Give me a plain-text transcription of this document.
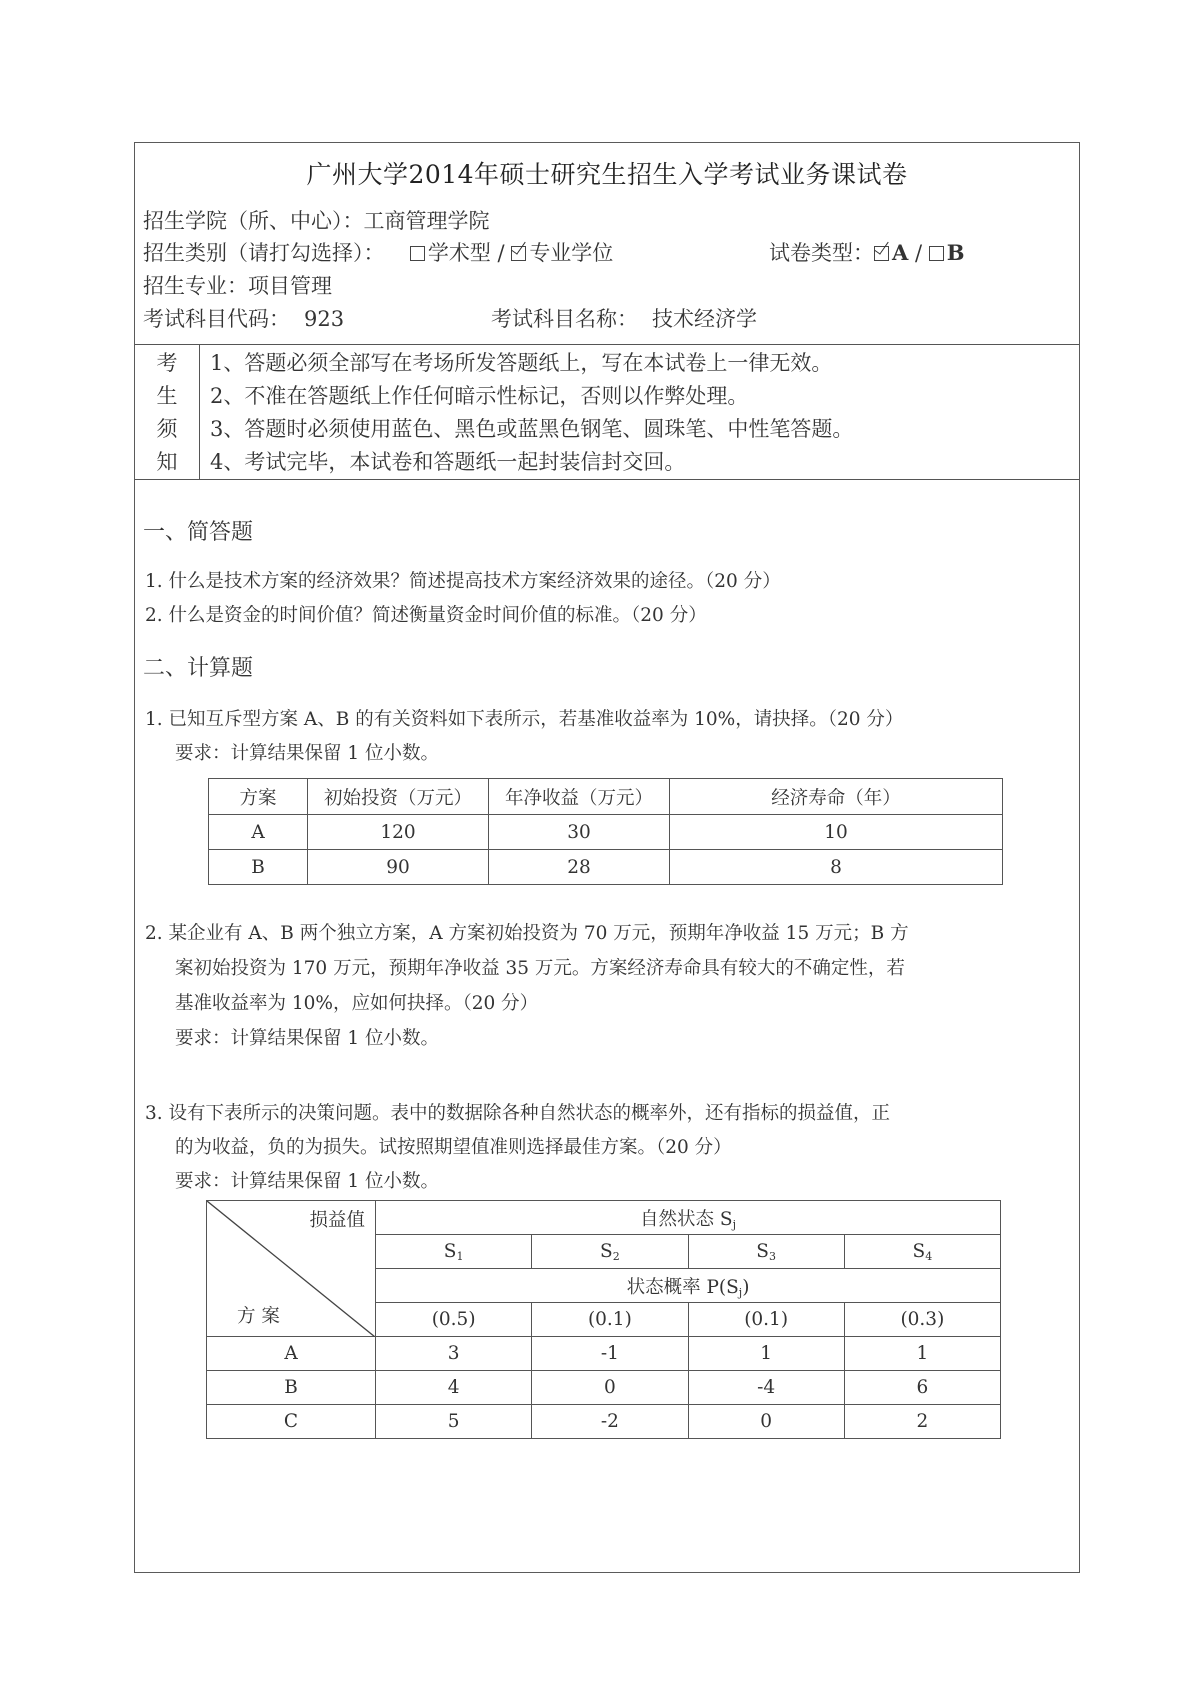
广州大学2014年硕士研究生招生入学考试业务课试卷
招生学院（所、中心）：工商管理学院
招生类别（请打勾选择）： 学术型 / 专业学位	试卷类型： A / B
招生专业：项目管理
考试科目代码： 923	考试科目名称： 技术经济学
考
生
须
知
1、答题必须全部写在考场所发答题纸上，写在本试卷上一律无效。
2、不准在答题纸上作任何暗示性标记，否则以作弊处理。
3、答题时必须使用蓝色、黑色或蓝黑色钢笔、圆珠笔、中性笔答题。
4、考试完毕，本试卷和答题纸一起封装信封交回。
一、简答题
1. 什么是技术方案的经济效果？简述提高技术方案经济效果的途径。（20 分）
2. 什么是资金的时间价值？简述衡量资金时间价值的标准。（20 分）
二、计算题
1. 已知互斥型方案 A、B 的有关资料如下表所示，若基准收益率为 10%，请抉择。（20 分）
要求：计算结果保留 1 位小数。
方案	初始投资（万元）	年净收益（万元）	经济寿命（年）
A	120	30	10
B	90	28	8
2. 某企业有 A、B 两个独立方案，A 方案初始投资为 70 万元，预期年净收益 15 万元；B 方
案初始投资为 170 万元，预期年净收益 35 万元。方案经济寿命具有较大的不确定性，若
基准收益率为 10%，应如何抉择。（20 分）
要求：计算结果保留 1 位小数。
3. 设有下表所示的决策问题。表中的数据除各种自然状态的概率外，还有指标的损益值，正
的为收益，负的为损失。试按照期望值准则选择最佳方案。（20 分）
要求：计算结果保留 1 位小数。
损益值
方 案	自然状态 $S_j$
	$S_1$	$S_2$	$S_3$	$S_4$
	状态概率 $P(S_j)$			
	(0.5)	(0.1)	(0.1)	(0.3)
A	3	-1	1	1
B	4	0	-4	6
C	5	-2	0	2
